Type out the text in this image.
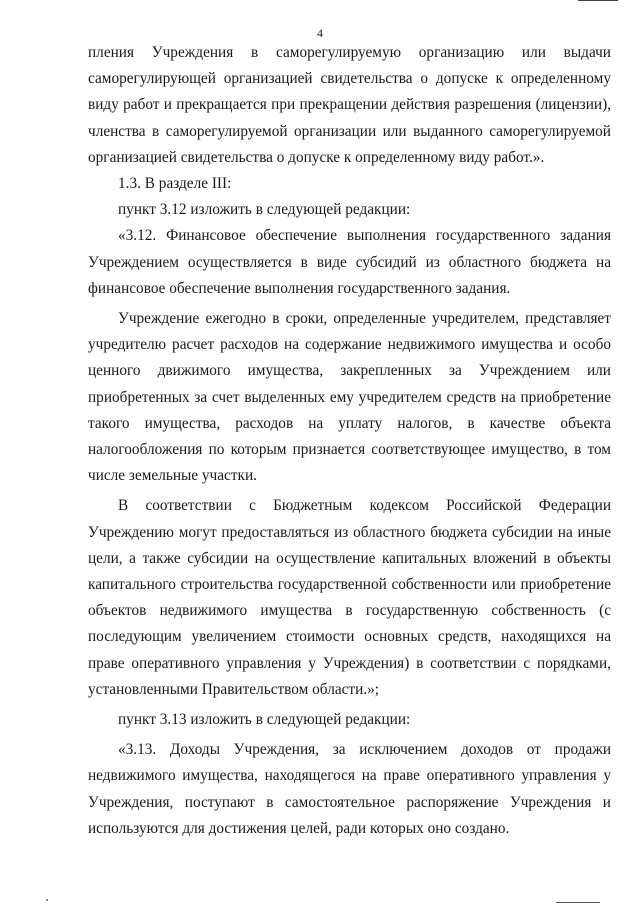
4

пления Учреждения в саморегулируемую организацию или выдачи саморегулирующей организацией свидетельства о допуске к определенному виду работ и прекращается при прекращении действия разрешения (лицензии), членства в саморегулируемой организации или выданного саморегулируемой организацией свидетельства о допуске к определенному виду работ.».

1.3. В разделе III:

пункт 3.12 изложить в следующей редакции:

«3.12. Финансовое обеспечение выполнения государственного задания Учреждением осуществляется в виде субсидий из областного бюджета на финансовое обеспечение выполнения государственного задания.

Учреждение ежегодно в сроки, определенные учредителем, представляет учредителю расчет расходов на содержание недвижимого имущества и особо ценного движимого имущества, закрепленных за Учреждением или приобретенных за счет выделенных ему учредителем средств на приобретение такого имущества, расходов на уплату налогов, в качестве объекта налогообложения по которым признается соответствующее имущество, в том числе земельные участки.

В соответствии с Бюджетным кодексом Российской Федерации Учреждению могут предоставляться из областного бюджета субсидии на иные цели, а также субсидии на осуществление капитальных вложений в объекты капитального строительства государственной собственности или приобретение объектов недвижимого имущества в государственную собственность (с последующим увеличением стоимости основных средств, находящихся на праве оперативного управления у Учреждения) в соответствии с порядками, установленными Правительством области.»;

пункт 3.13 изложить в следующей редакции:

«3.13. Доходы Учреждения, за исключением доходов от продажи недвижимого имущества, находящегося на праве оперативного управления у Учреждения, поступают в самостоятельное распоряжение Учреждения и используются для достижения целей, ради которых оно создано.
